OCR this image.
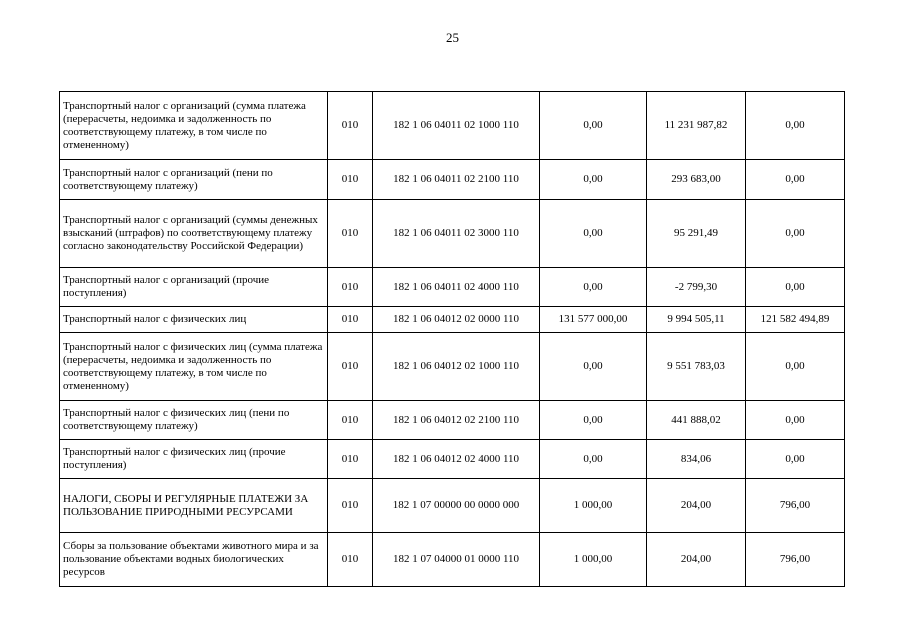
25
Транспортный налог с организаций (сумма платежа (перерасчеты, недоимка и задолженность по соответствующему платежу, в том числе по отмененному)	010	182 1 06 04011 02 1000 110	0,00	11 231 987,82	0,00
Транспортный налог с организаций (пени по соответствующему платежу)	010	182 1 06 04011 02 2100 110	0,00	293 683,00	0,00
Транспортный налог с организаций (суммы денежных взысканий (штрафов) по соответствующему платежу согласно законодательству Российской Федерации)	010	182 1 06 04011 02 3000 110	0,00	95 291,49	0,00
Транспортный налог с организаций (прочие поступления)	010	182 1 06 04011 02 4000 110	0,00	-2 799,30	0,00
Транспортный налог с физических лиц	010	182 1 06 04012 02 0000 110	131 577 000,00	9 994 505,11	121 582 494,89
Транспортный налог с физических лиц (сумма платежа (перерасчеты, недоимка и задолженность по соответствующему платежу, в том числе по отмененному)	010	182 1 06 04012 02 1000 110	0,00	9 551 783,03	0,00
Транспортный налог с физических лиц (пени по соответствующему платежу)	010	182 1 06 04012 02 2100 110	0,00	441 888,02	0,00
Транспортный налог с физических лиц (прочие поступления)	010	182 1 06 04012 02 4000 110	0,00	834,06	0,00
НАЛОГИ, СБОРЫ И РЕГУЛЯРНЫЕ ПЛАТЕЖИ ЗА ПОЛЬЗОВАНИЕ ПРИРОДНЫМИ РЕСУРСАМИ	010	182 1 07 00000 00 0000 000	1 000,00	204,00	796,00
Сборы за пользование объектами животного мира и за пользование объектами водных биологических ресурсов	010	182 1 07 04000 01 0000 110	1 000,00	204,00	796,00
